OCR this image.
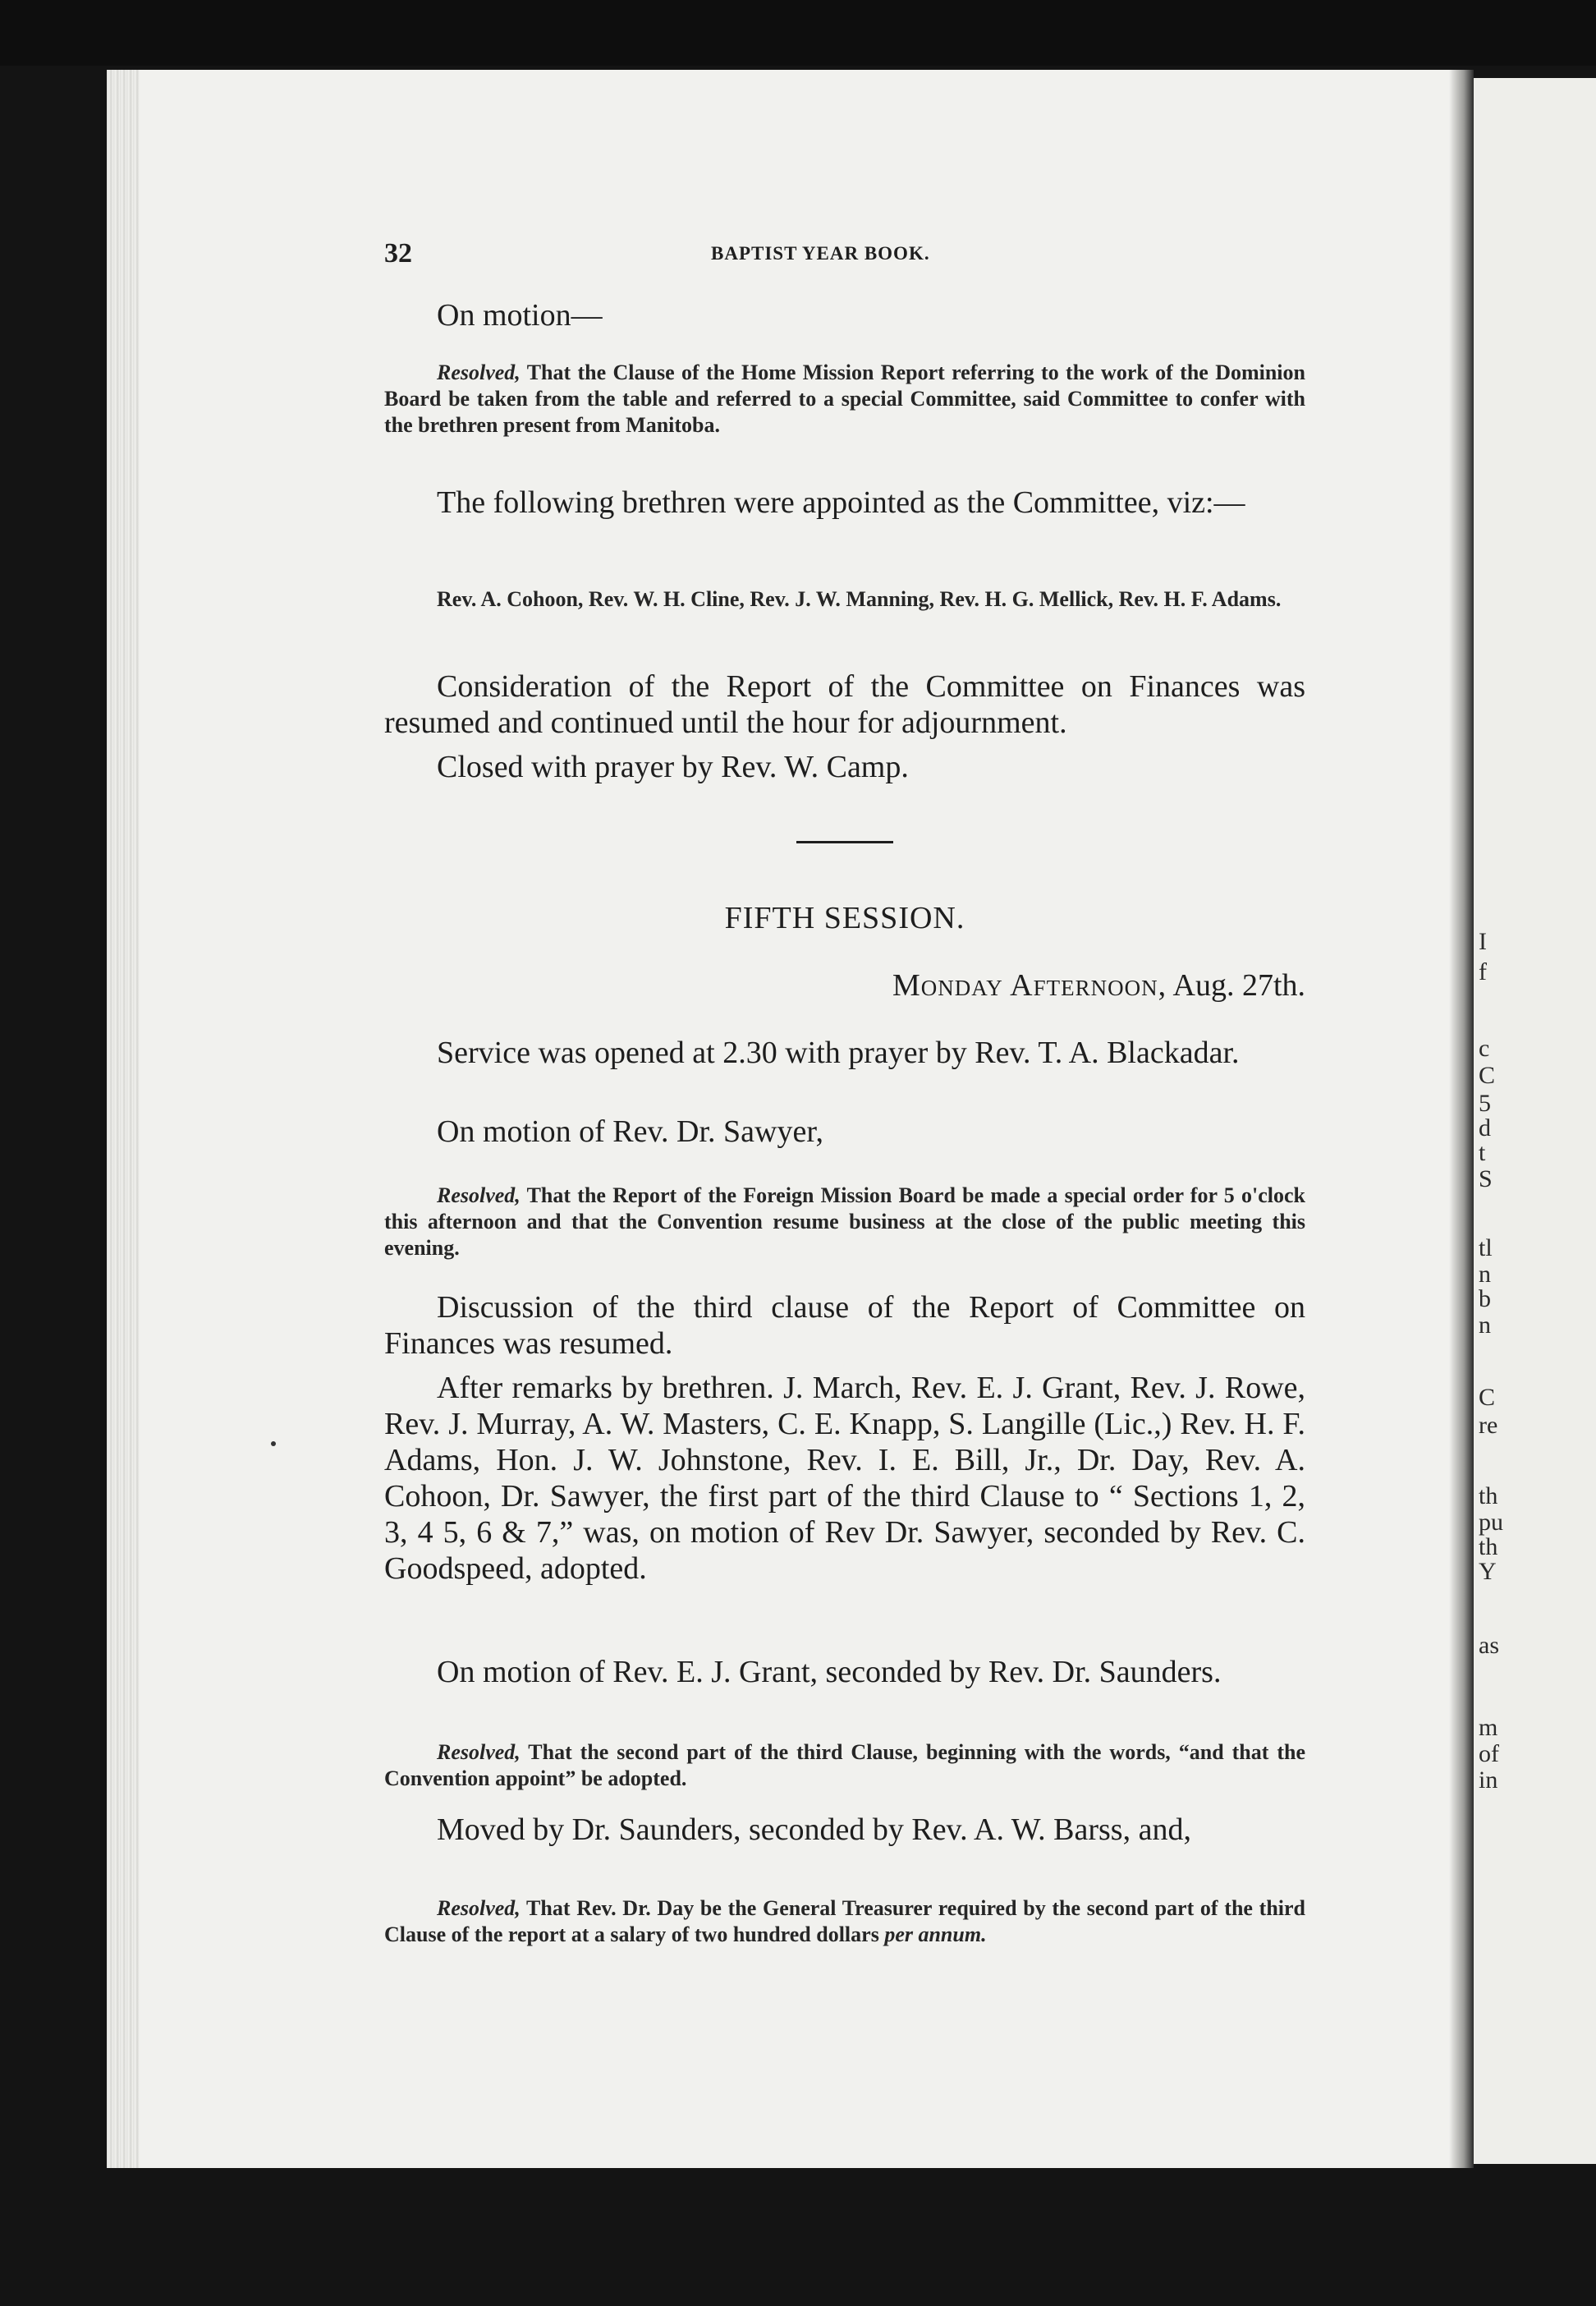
I
f
c
C
5
d
t
S
tl
n
b
n
C
re
th
pu
th
Y
as
m
of
in
32	BAPTIST YEAR BOOK.

On motion—

Resolved, That the Clause of the Home Mission Report referring to the work of the Dominion Board be taken from the table and referred to a special Committee, said Committee to confer with the brethren present from Manitoba.

The following brethren were appointed as the Committee, viz:—

Rev. A. Cohoon, Rev. W. H. Cline, Rev. J. W. Manning, Rev. H. G. Mellick, Rev. H. F. Adams.

Consideration of the Report of the Committee on Finances was resumed and continued until the hour for adjournment.

Closed with prayer by Rev. W. Camp.

FIFTH SESSION.
Monday Afternoon, Aug. 27th.

Service was opened at 2.30 with prayer by Rev. T. A. Blackadar.

On motion of Rev. Dr. Sawyer,

Resolved, That the Report of the Foreign Mission Board be made a special order for 5 o'clock this afternoon and that the Convention resume business at the close of the public meeting this evening.

Discussion of the third clause of the Report of Committee on Finances was resumed.

After remarks by brethren. J. March, Rev. E. J. Grant, Rev. J. Rowe, Rev. J. Murray, A. W. Masters, C. E. Knapp, S. Langille (Lic.,) Rev. H. F. Adams, Hon. J. W. Johnstone, Rev. I. E. Bill, Jr., Dr. Day, Rev. A. Cohoon, Dr. Sawyer, the first part of the third Clause to “ Sections 1, 2, 3, 4 5, 6 & 7,” was, on motion of Rev Dr. Sawyer, seconded by Rev. C. Goodspeed, adopted.

On motion of Rev. E. J. Grant, seconded by Rev. Dr. Saunders.

Resolved, That the second part of the third Clause, beginning with the words, “and that the Convention appoint” be adopted.

Moved by Dr. Saunders, seconded by Rev. A. W. Barss, and,

Resolved, That Rev. Dr. Day be the General Treasurer required by the second part of the third Clause of the report at a salary of two hundred dollars per annum.
